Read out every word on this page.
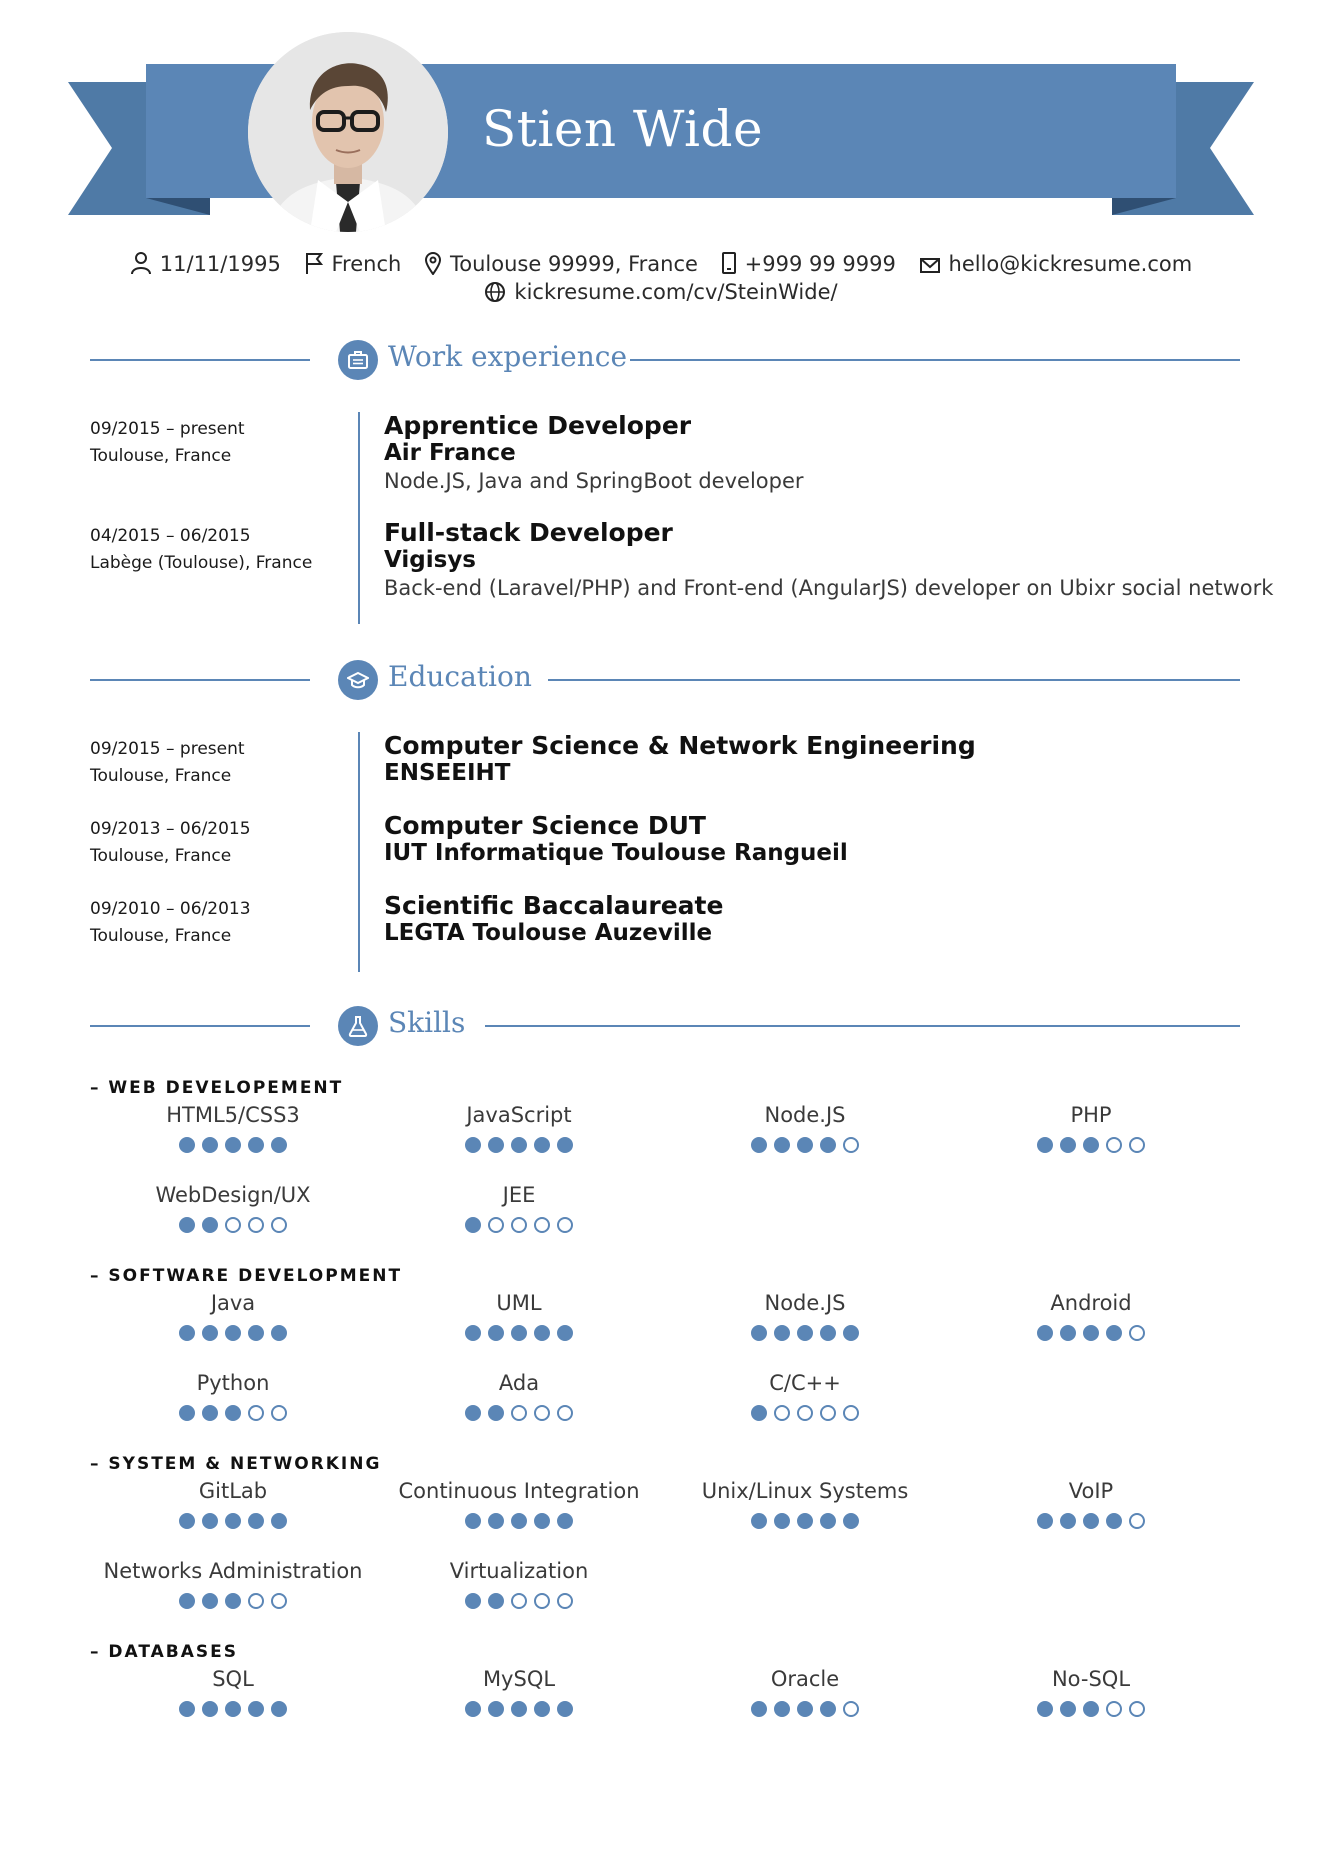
Stien Wide
11/11/1995 French Toulouse 99999, France +999 99 9999	hello@kickresume.com
kickresume.com/cv/SteinWide/
Work experience
09/2015 – present
Toulouse, France
Apprentice Developer
Air France
Node.JS, Java and SpringBoot developer
04/2015 – 06/2015
Labège (Toulouse), France
Full-stack Developer
Vigisys
Back-end (Laravel/PHP) and Front-end (AngularJS) developer on Ubixr social network
Education
09/2015 – present
Toulouse, France
Computer Science & Network Engineering
ENSEEIHT
09/2013 – 06/2015
Toulouse, France
Computer Science DUT
IUT Informatique Toulouse Rangueil
09/2010 – 06/2013
Toulouse, France
Scientific Baccalaureate
LEGTA Toulouse Auzeville
Skills
– WEB DEVELOPEMENT
HTML5/CSS3	JavaScript	Node.JS	PHP
WebDesign/UX	JEE
– SOFTWARE DEVELOPMENT
Java	UML	Node.JS	Android
Python	Ada	C/C++
– SYSTEM & NETWORKING
GitLab	Continuous Integration	Unix/Linux Systems	VoIP
Networks Administration	Virtualization
– DATABASES
SQL	MySQL	Oracle	No-SQL
